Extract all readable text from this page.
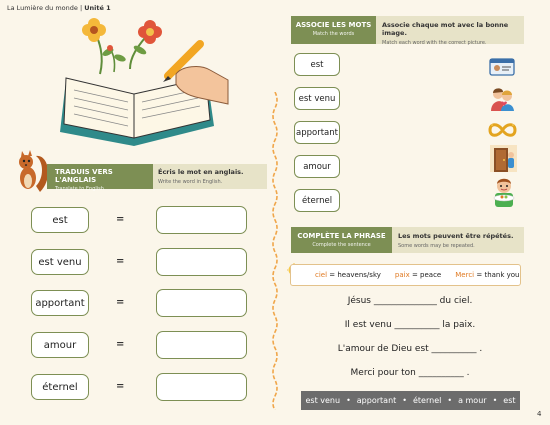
La Lumière du monde | Unité 1
TRADUIS VERS L'ANGLAIS
Translate to English
Écris le mot en anglais.
Write the word in English.
est	=
est venu	=
apportant	=
amour	=
éternel	=
ASSOCIE LES MOTS
Match the words
Associe chaque mot avec la bonne image.
Match each word with the correct picture.
est
est venu
apportant
amour
éternel
COMPLÈTE LA PHRASE
Complete the sentence
Les mots peuvent être répétés.
Some words may be repeated.
ciel = heavens/sky paix = peace Merci = thank you
Jésus ______________ du ciel.
Il est venu __________ la paix.
L'amour de Dieu est __________ .
Merci pour ton __________ .
est venu • apportant • éternel • a mour • est
4
